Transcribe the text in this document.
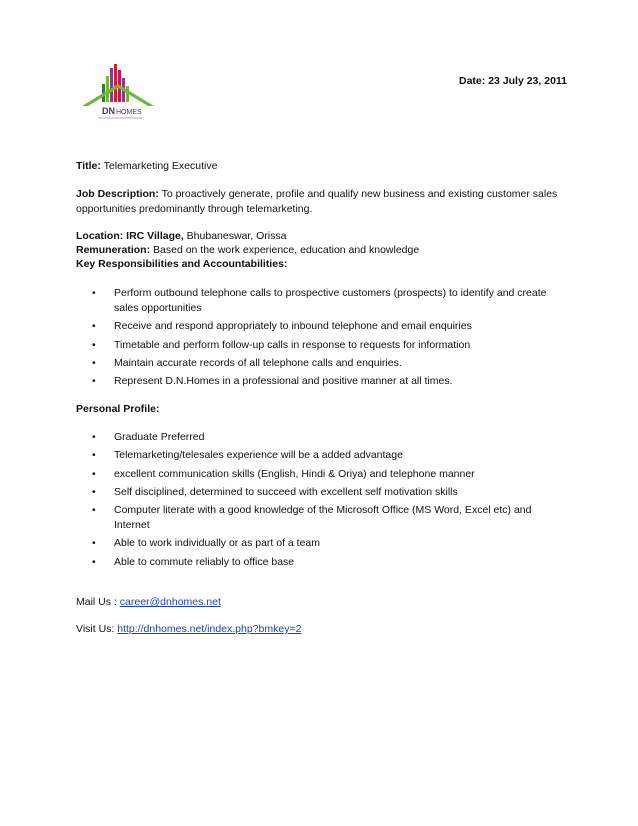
DN HOMES
Date: 23 July 23, 2011
Title: Telemarketing Executive
Job Description: To proactively generate, profile and qualify new business and existing customer sales opportunities predominantly through telemarketing.
Location: IRC Village, Bhubaneswar, Orissa
Remuneration: Based on the work experience, education and knowledge
Key Responsibilities and Accountabilities:
• Perform outbound telephone calls to prospective customers (prospects) to identify and create sales opportunities
• Receive and respond appropriately to inbound telephone and email enquiries
• Timetable and perform follow-up calls in response to requests for information
• Maintain accurate records of all telephone calls and enquiries.
• Represent D.N.Homes in a professional and positive manner at all times.
Personal Profile:
• Graduate Preferred
• Telemarketing/telesales experience will be a added advantage
• excellent communication skills (English, Hindi & Oriya) and telephone manner
• Self disciplined, determined to succeed with excellent self motivation skills
• Computer literate with a good knowledge of the Microsoft Office (MS Word, Excel etc) and Internet
• Able to work individually or as part of a team
• Able to commute reliably to office base
Mail Us : career@dnhomes.net
Visit Us: http://dnhomes.net/index.php?bmkey=2
